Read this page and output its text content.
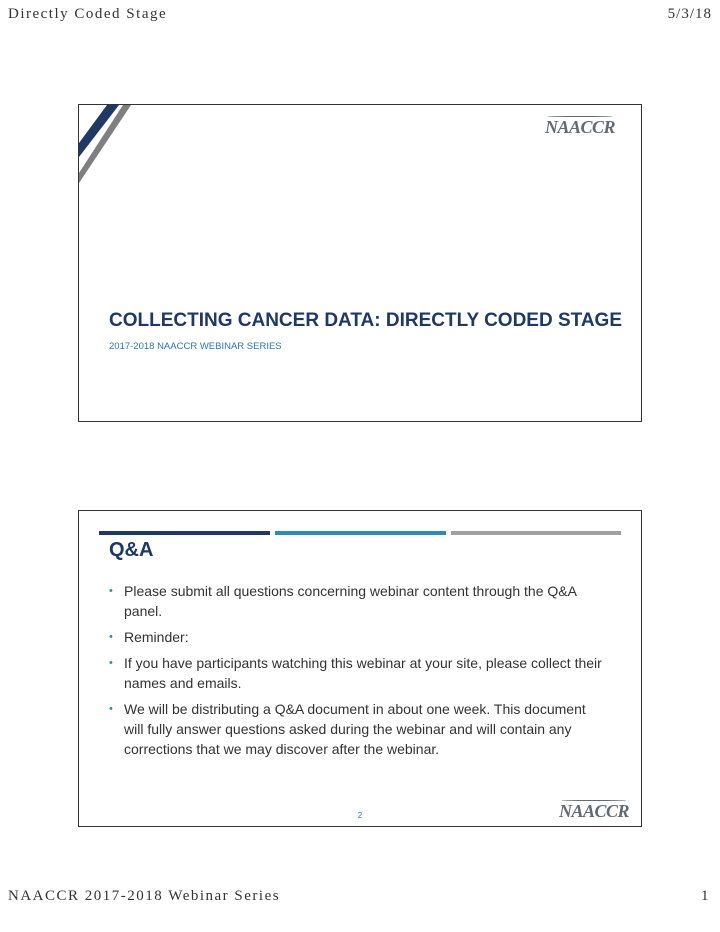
Directly Coded Stage	5/3/18
NAACCR
COLLECTING CANCER DATA: DIRECTLY CODED STAGE
2017-2018 NAACCR WEBINAR SERIES
Q&A
• Please submit all questions concerning webinar content through the Q&A panel.
• Reminder:
• If you have participants watching this webinar at your site, please collect their names and emails.
• We will be distributing a Q&A document in about one week. This document will fully answer questions asked during the webinar and will contain any corrections that we may discover after the webinar.
2	NAACCR
NAACCR 2017-2018 Webinar Series	1
